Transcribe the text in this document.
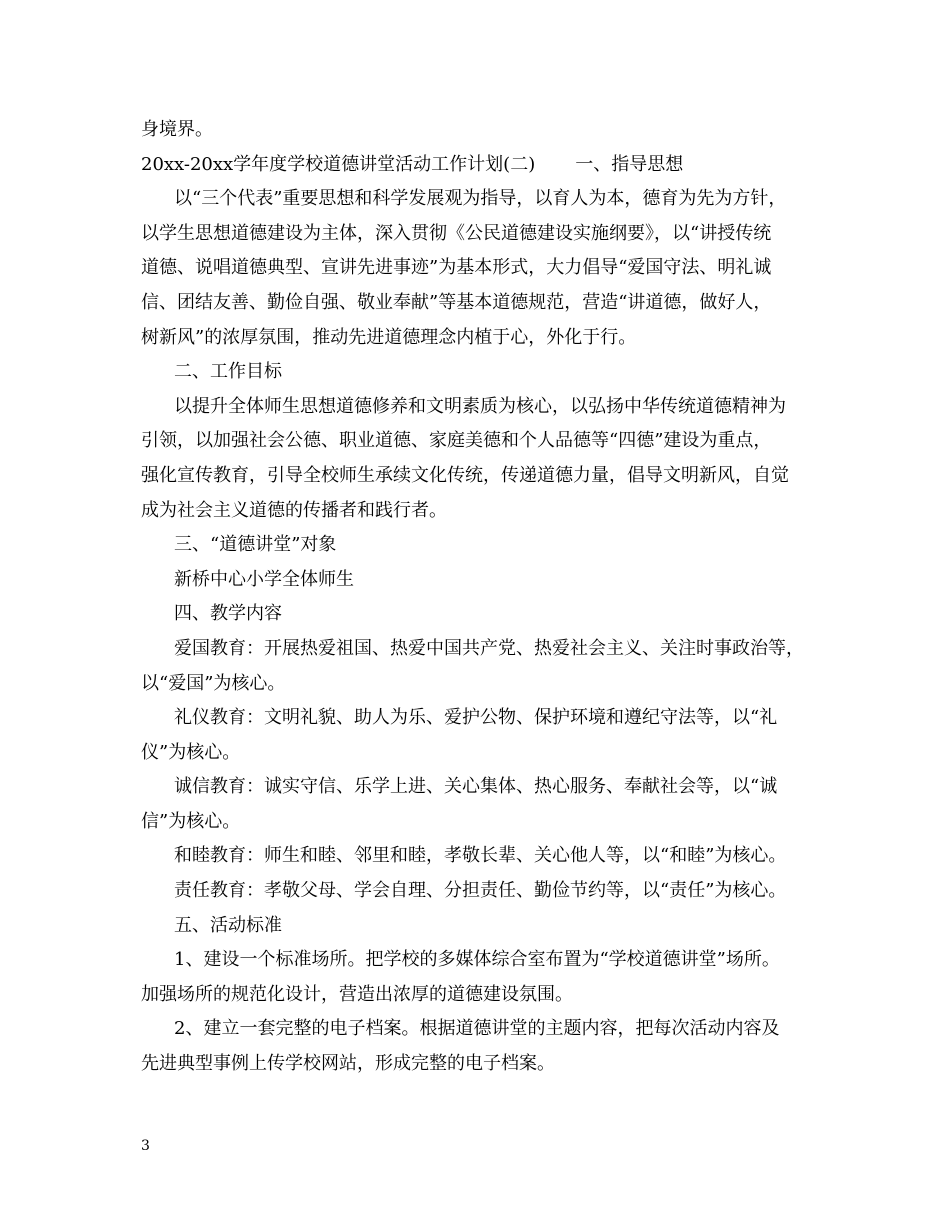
身境界。
20xx-20xx学年度学校道德讲堂活动工作计划(二) 一、指导思想
以“三个代表”重要思想和科学发展观为指导，以育人为本，德育为先为方针，
以学生思想道德建设为主体，深入贯彻《公民道德建设实施纲要》，以“讲授传统
道德、说唱道德典型、宣讲先进事迹”为基本形式，大力倡导“爱国守法、明礼诚
信、团结友善、勤俭自强、敬业奉献”等基本道德规范，营造“讲道德，做好人，
树新风”的浓厚氛围，推动先进道德理念内植于心，外化于行。
二、工作目标
以提升全体师生思想道德修养和文明素质为核心，以弘扬中华传统道德精神为
引领，以加强社会公德、职业道德、家庭美德和个人品德等“四德”建设为重点，
强化宣传教育，引导全校师生承续文化传统，传递道德力量，倡导文明新风，自觉
成为社会主义道德的传播者和践行者。
三、“道德讲堂”对象
新桥中心小学全体师生
四、教学内容
爱国教育：开展热爱祖国、热爱中国共产党、热爱社会主义、关注时事政治等，
以“爱国”为核心。
礼仪教育：文明礼貌、助人为乐、爱护公物、保护环境和遵纪守法等，以“礼
仪”为核心。
诚信教育：诚实守信、乐学上进、关心集体、热心服务、奉献社会等，以“诚
信”为核心。
和睦教育：师生和睦、邻里和睦，孝敬长辈、关心他人等，以“和睦”为核心。
责任教育：孝敬父母、学会自理、分担责任、勤俭节约等，以“责任”为核心。
五、活动标准
1、建设一个标准场所。把学校的多媒体综合室布置为“学校道德讲堂”场所。
加强场所的规范化设计，营造出浓厚的道德建设氛围。
2、建立一套完整的电子档案。根据道德讲堂的主题内容，把每次活动内容及
先进典型事例上传学校网站，形成完整的电子档案。
3
